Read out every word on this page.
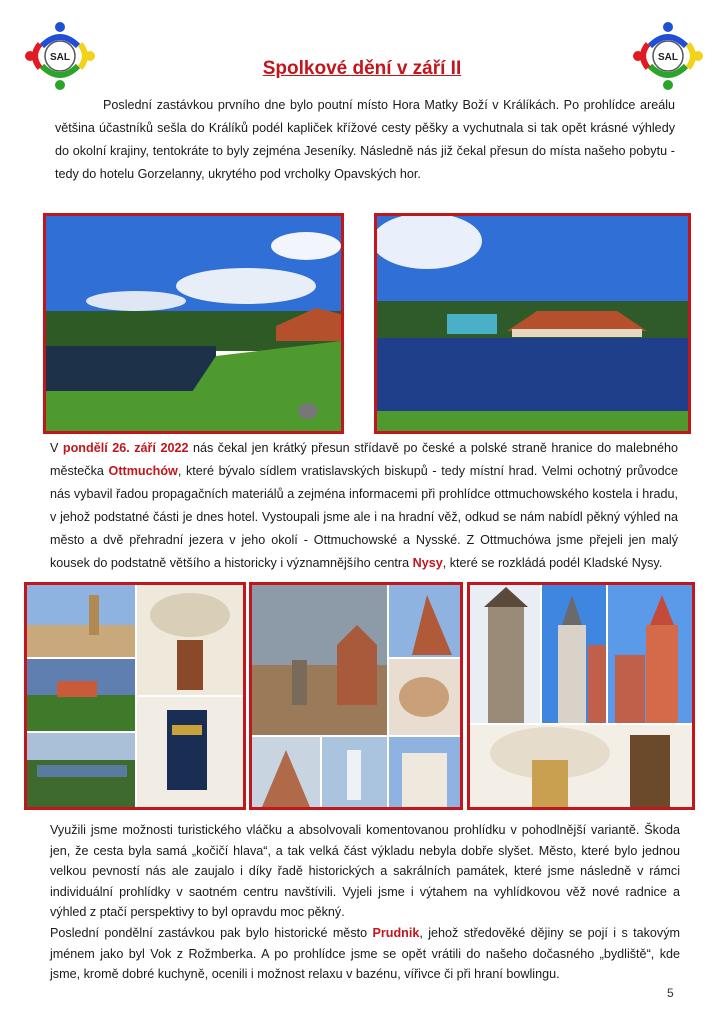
SAL	SAL
Spolkové dění v září II
Poslední zastávkou prvního dne bylo poutní místo Hora Matky Boží v Králíkách. Po prohlídce areálu většina účastníků sešla do Králíků podél kapliček křížové cesty pěšky a vychutnala si tak opět krásné výhledy do okolní krajiny, tentokráte to byly zejména Jeseníky. Následně nás již čekal přesun do místa našeho pobytu - tedy do hotelu Gorzelanny, ukrytého pod vrcholky Opavských hor.
V pondělí 26. září 2022 nás čekal jen krátký přesun střídavě po české a polské straně hranice do malebného městečka Ottmuchów, které bývalo sídlem vratislavských biskupů - tedy místní hrad. Velmi ochotný průvodce nás vybavil řadou propagačních materiálů a zejména informacemi při prohlídce ottmuchowského kostela i hradu, v jehož podstatné části je dnes hotel. Vystoupali jsme ale i na hradní věž, odkud se nám nabídl pěkný výhled na město a dvě přehradní jezera v jeho okolí - Ottmuchowské a Nysské. Z Ottmuchówa jsme přejeli jen malý kousek do podstatně většího a historicky i významnějšího centra Nysy, které se rozkládá podél Kladské Nysy.
Využili jsme možnosti turistického vláčku a absolvovali komentovanou prohlídku v pohodlnější variantě. Škoda jen, že cesta byla samá „kočičí hlava“, a tak velká část výkladu nebyla dobře slyšet. Město, které bylo jednou velkou pevností nás ale zaujalo i díky řadě historických a sakrálních památek, které jsme následně v rámci individuální prohlídky v saotném centru navštívili. Vyjeli jsme i výtahem na vyhlídkovou věž nové radnice a výhled z ptačí perspektivy to byl opravdu moc pěkný.
Poslední pondělní zastávkou pak bylo historické město Prudnik, jehož středověké dějiny se pojí i s takovým jménem jako byl Vok z Rožmberka. A po prohlídce jsme se opět vrátili do našeho dočasného „bydliště“, kde jsme, kromě dobré kuchyně, ocenili i možnost relaxu v bazénu, vířivce či při hraní bowlingu.
5
